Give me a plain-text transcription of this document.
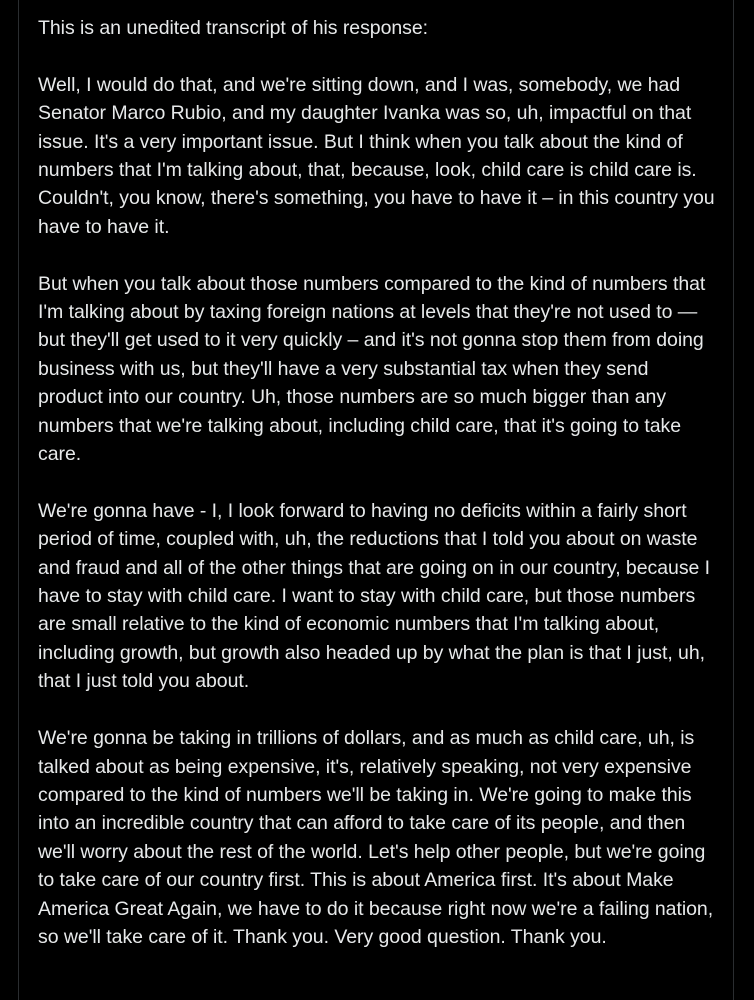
This is an unedited transcript of his response:

Well, I would do that, and we're sitting down, and I was, somebody, we had Senator Marco Rubio, and my daughter Ivanka was so, uh, impactful on that issue. It's a very important issue. But I think when you talk about the kind of numbers that I'm talking about, that, because, look, child care is child care is. Couldn't, you know, there's something, you have to have it – in this country you have to have it.

But when you talk about those numbers compared to the kind of numbers that I'm talking about by taxing foreign nations at levels that they're not used to — but they'll get used to it very quickly – and it's not gonna stop them from doing business with us, but they'll have a very substantial tax when they send product into our country. Uh, those numbers are so much bigger than any numbers that we're talking about, including child care, that it's going to take care.

We're gonna have - I, I look forward to having no deficits within a fairly short period of time, coupled with, uh, the reductions that I told you about on waste and fraud and all of the other things that are going on in our country, because I have to stay with child care. I want to stay with child care, but those numbers are small relative to the kind of economic numbers that I'm talking about, including growth, but growth also headed up by what the plan is that I just, uh, that I just told you about.

We're gonna be taking in trillions of dollars, and as much as child care, uh, is talked about as being expensive, it's, relatively speaking, not very expensive compared to the kind of numbers we'll be taking in. We're going to make this into an incredible country that can afford to take care of its people, and then we'll worry about the rest of the world. Let's help other people, but we're going to take care of our country first. This is about America first. It's about Make America Great Again, we have to do it because right now we're a failing nation, so we'll take care of it. Thank you. Very good question. Thank you.
